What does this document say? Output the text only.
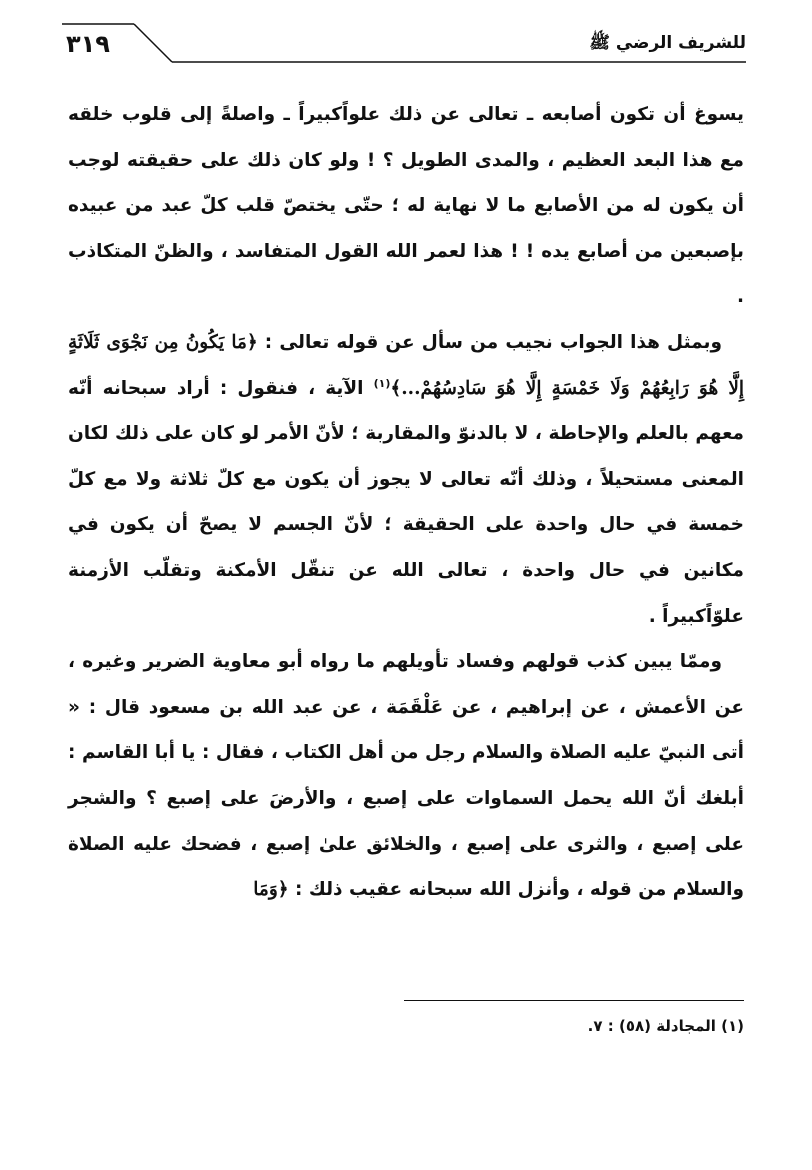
٣١٩	للشريف الرضي ﷺ

يسوغ أن تكون أصابعه ـ تعالى عن ذلك علواًكبيراً ـ واصلةً إلى قلوب خلقه مع هذا البعد العظيم ، والمدى الطويل ؟ ! ولو كان ذلك على حقيقته لوجب أن يكون له من الأصابع ما لا نهاية له ؛ حتّى يختصّ قلب كلّ عبد من عبيده بإصبعين من أصابع يده ! ! هذا لعمر الله القول المتفاسد ، والظنّ المتكاذب .

وبمثل هذا الجواب نجيب من سأل عن قوله تعالى : ﴿مَا يَكُونُ مِن نَجْوَى ثَلَاثَةٍ إِلَّا هُوَ رَابِعُهُمْ وَلَا خَمْسَةٍ إِلَّا هُوَ سَادِسُهُمْ...﴾$^{(١)}$ الآية ، فنقول : أراد سبحانه أنّه معهم بالعلم والإحاطة ، لا بالدنوّ والمقاربة ؛ لأنّ الأمر لو كان على ذلك لكان المعنى مستحيلاً ، وذلك أنّه تعالى لا يجوز أن يكون مع كلّ ثلاثة ولا مع كلّ خمسة في حال واحدة على الحقيقة ؛ لأنّ الجسم لا يصحّ أن يكون في مكانين في حال واحدة ، تعالى الله عن تنقّل الأمكنة وتقلّب الأزمنة علوّاًكبيراً .

وممّا يبين كذب قولهم وفساد تأويلهم ما رواه أبو معاوية الضرير وغيره ، عن الأعمش ، عن إبراهيم ، عن عَلْقَمَة ، عن عبد الله بن مسعود قال : « أتى النبيّ عليه الصلاة والسلام رجل من أهل الكتاب ، فقال : يا أبا القاسم : أبلغك أنّ الله يحمل السماوات على إصبع ، والأرضَ على إصبع ؟ والشجر على إصبع ، والثرى على إصبع ، والخلائق علىٰ إصبع ، فضحك عليه الصلاة والسلام من قوله ، وأنزل الله سبحانه عقيب ذلك : ﴿وَمَا

(١) المجادلة (٥٨) : ٧.
